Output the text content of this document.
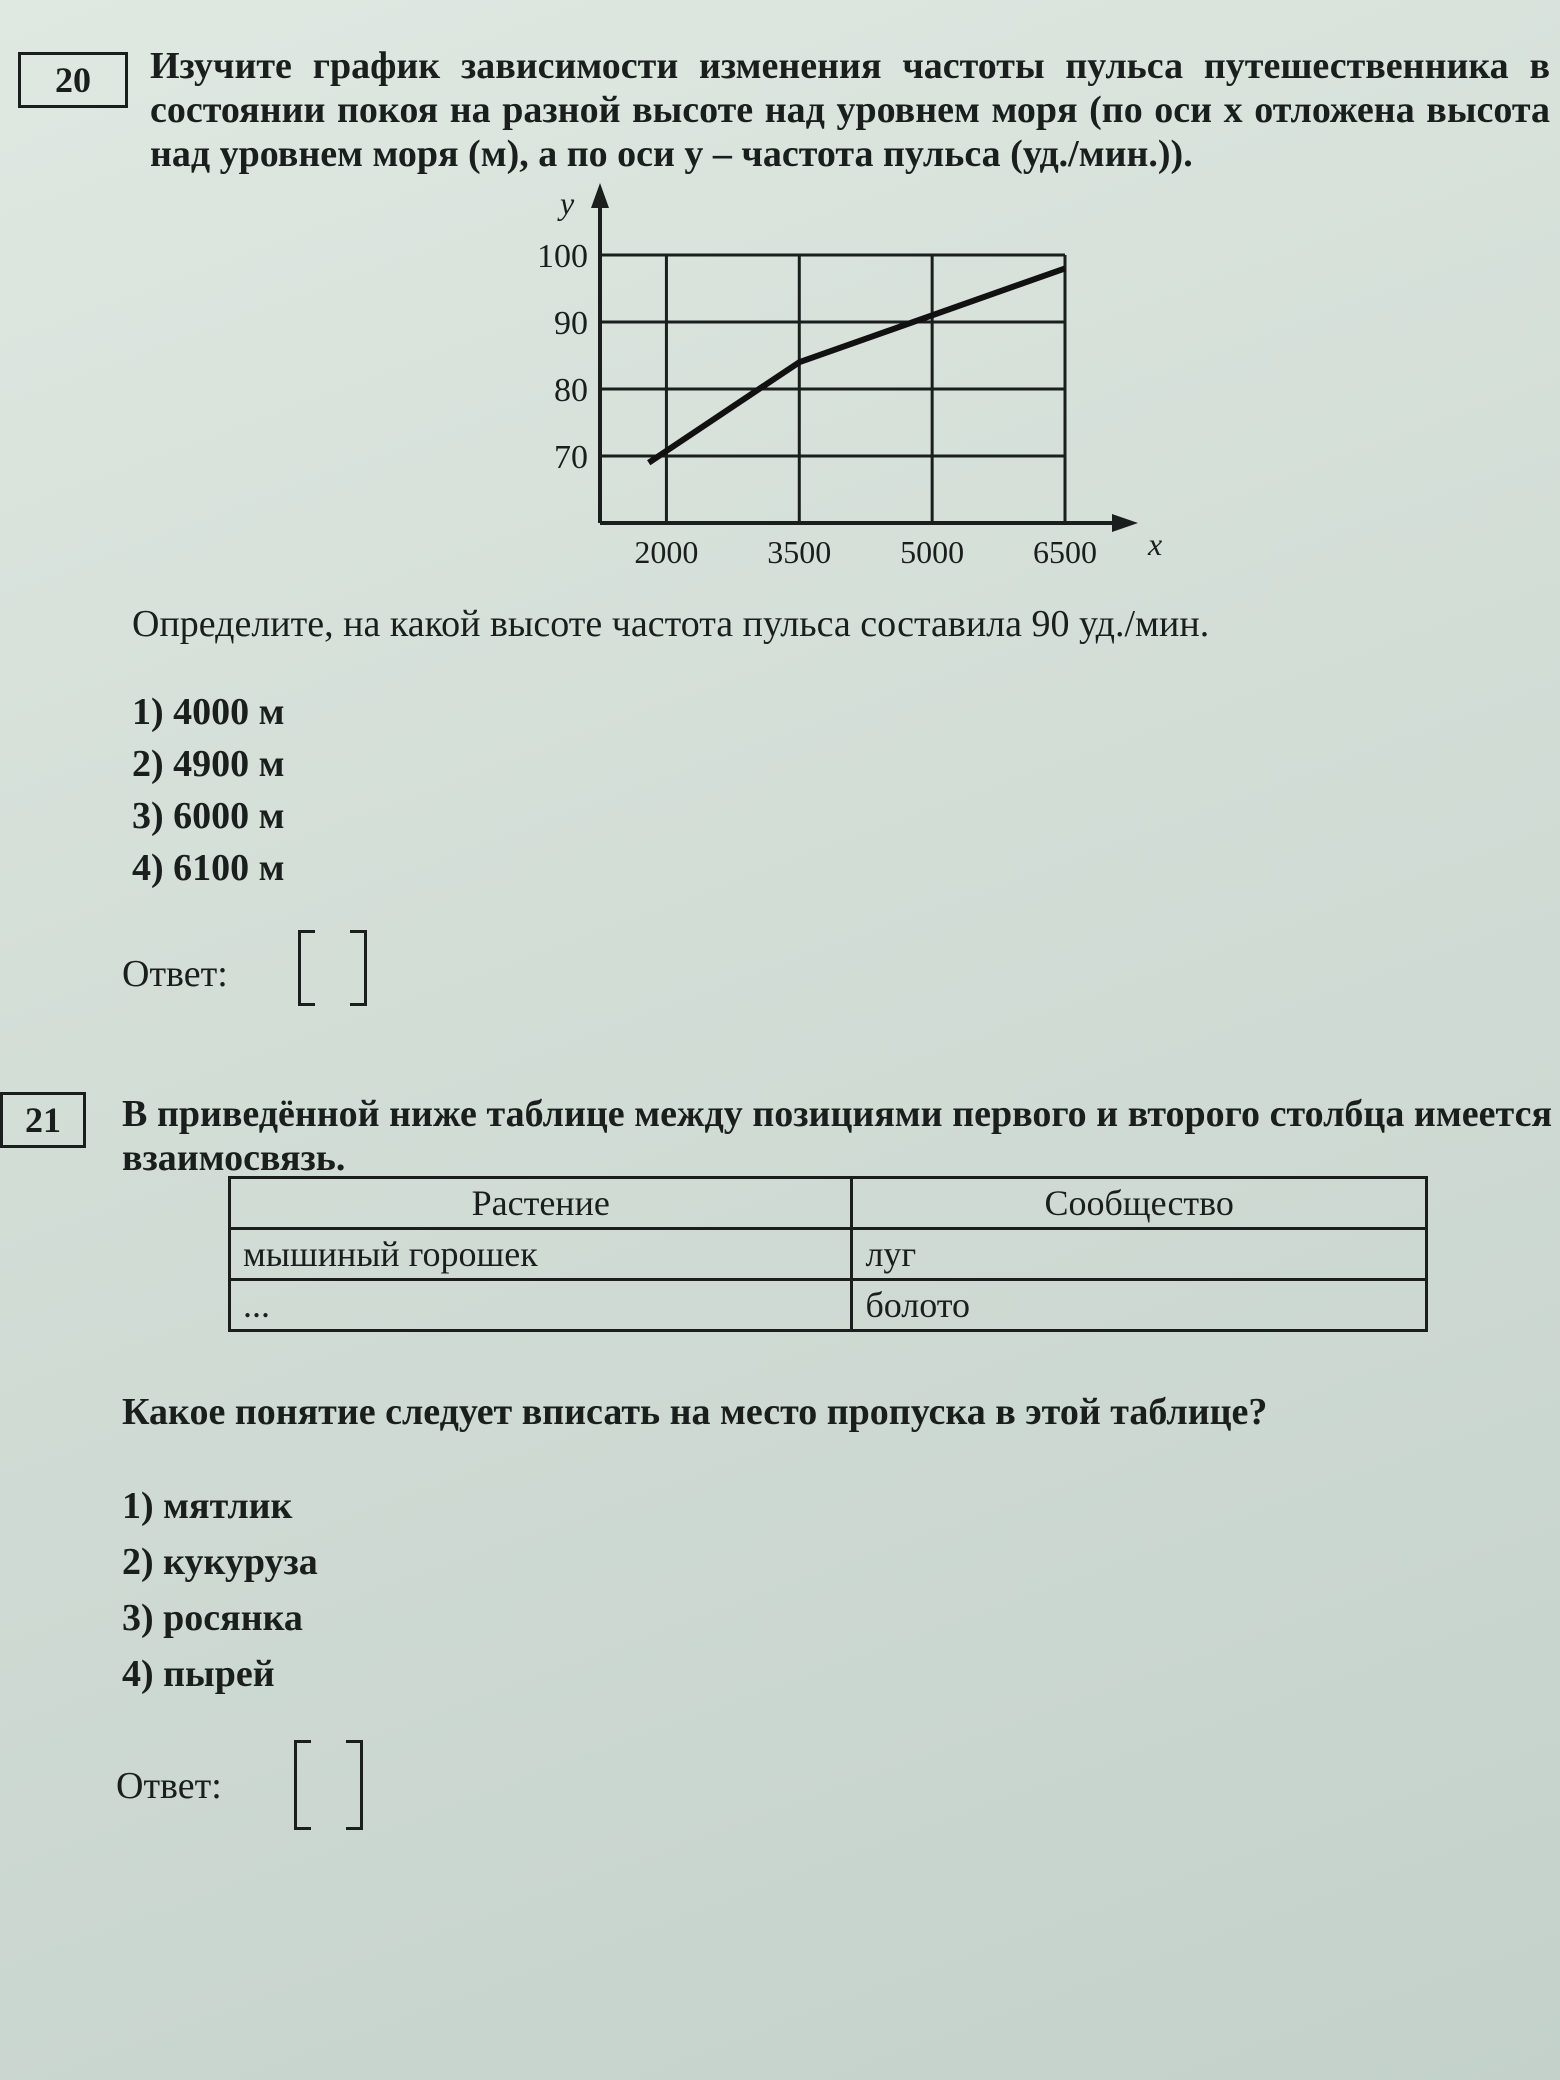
20	Изучите график зависимости изменения частоты пульса путешественника в состоянии покоя на разной высоте над уровнем моря (по оси x отложена высота над уровнем моря (м), а по оси y – частота пульса (уд./мин.)).
2000 3500 5000 6500
70
80
90
100
x
y
Определите, на какой высоте частота пульса составила 90 уд./мин.
1) 4000 м
2) 4900 м
3) 6000 м
4) 6100 м
Ответ:
21	В приведённой ниже таблице между позициями первого и второго столбца имеется взаимосвязь.
Растение	Сообщество
мышиный горошек	луг
...	болото
Какое понятие следует вписать на место пропуска в этой таблице?
1) мятлик
2) кукуруза
3) росянка
4) пырей
Ответ:
